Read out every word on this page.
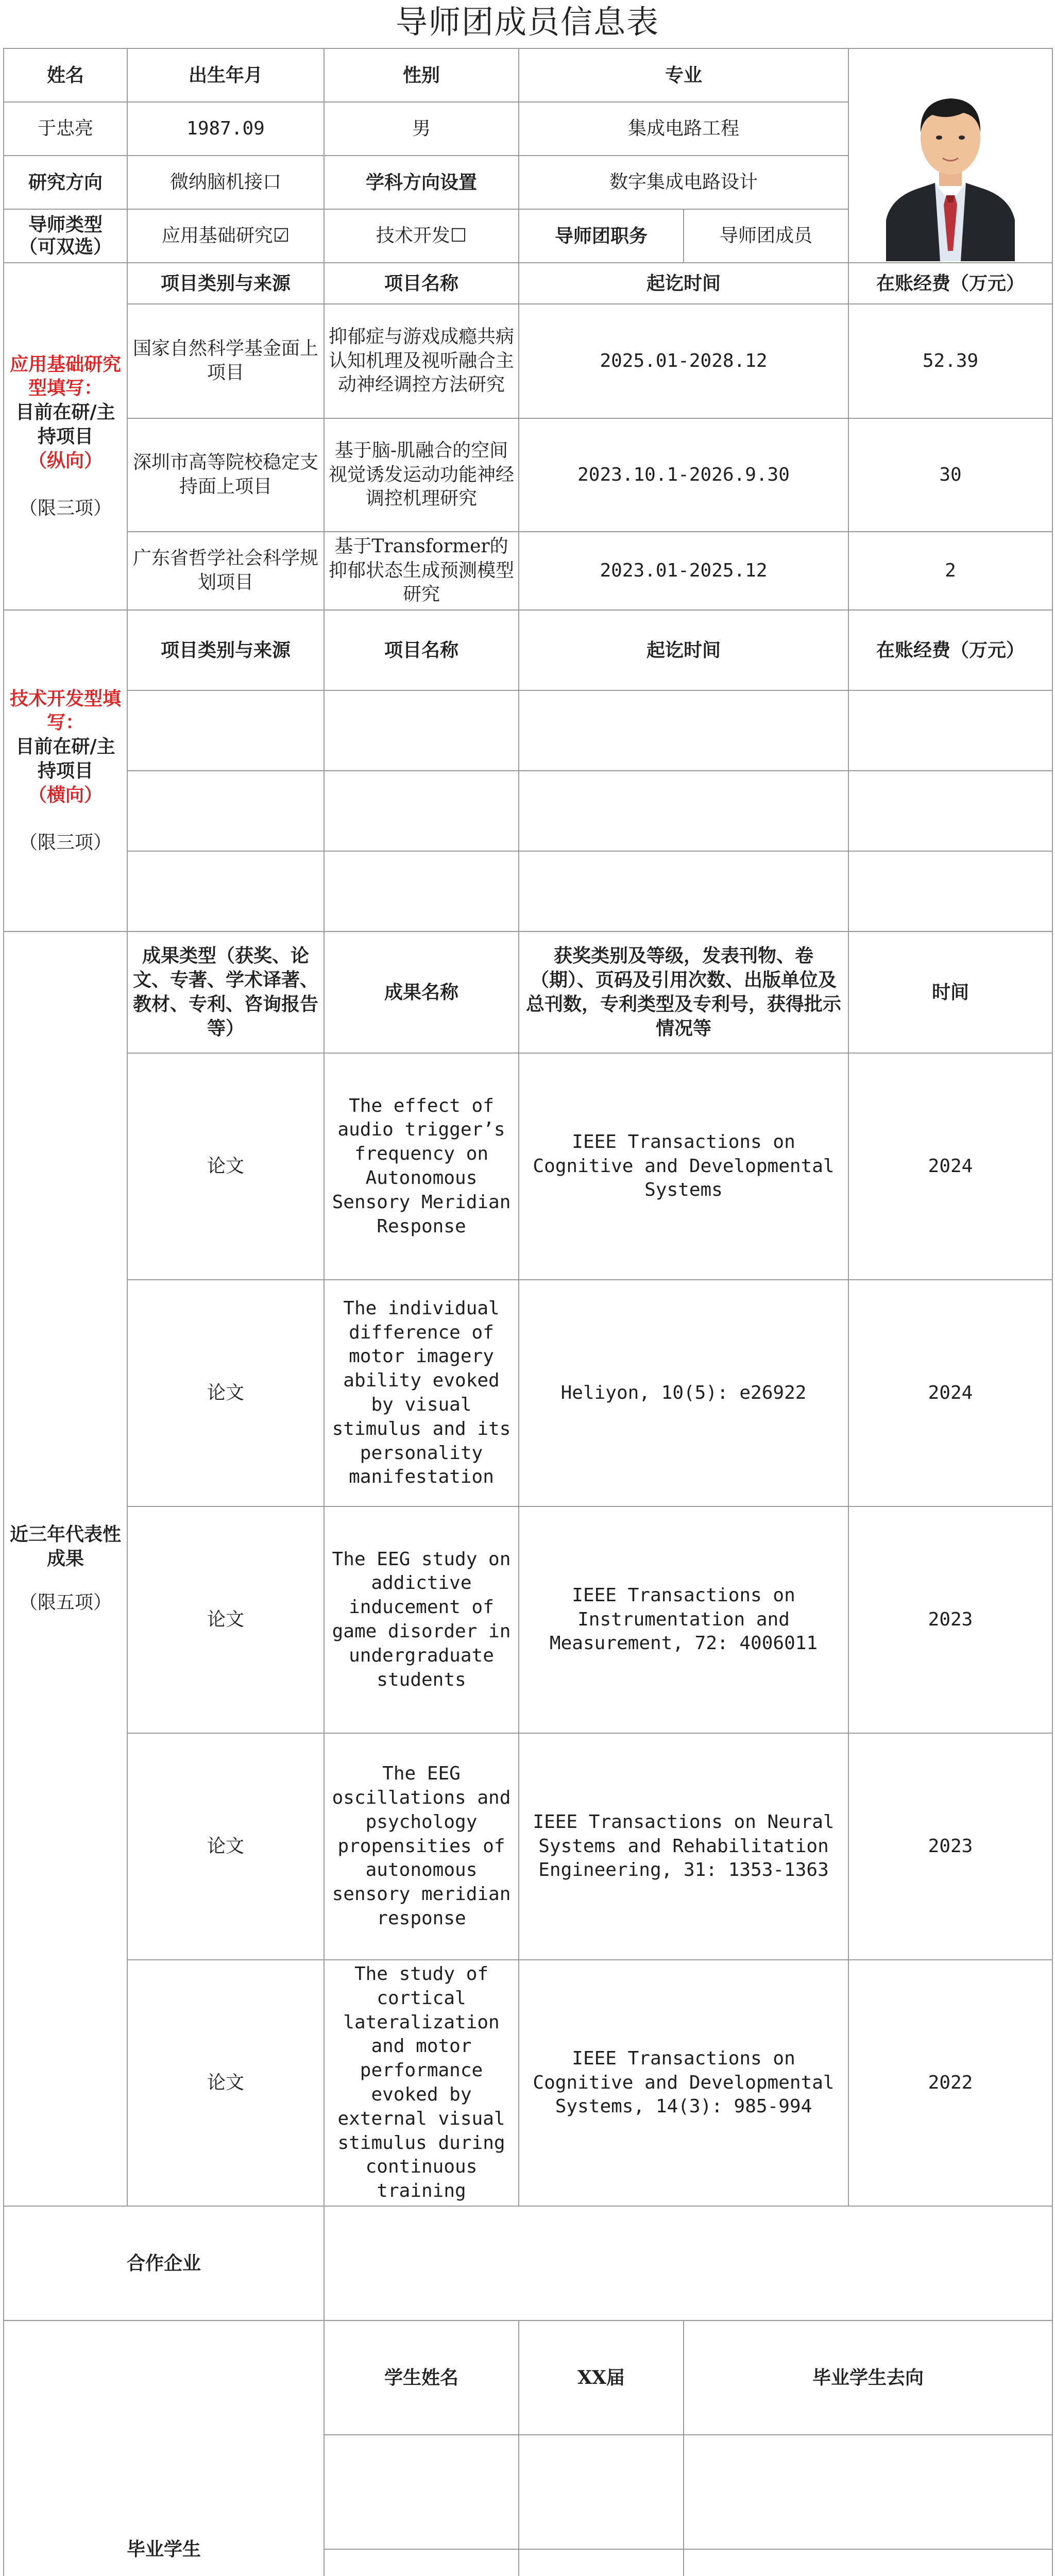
导师团成员信息表
姓名	出生年月	性别	专业	

于忠亮	1987.09	男	集成电路工程		
研究方向	微纳脑机接口	学科方向设置	数字集成电路设计		

导师类型
（可双选）	应用基础研究☑	技术开发☐	导师团职务	导师团成员	

应用基础研究型填写：
目前在研/主持项目
（纵向）
（限三项）	项目类别与来源	项目名称	起讫时间		在账经费（万元）
	国家自然科学基金面上项目	抑郁症与游戏成瘾共病认知机理及视听融合主动神经调控方法研究	2025.01-2028.12		52.39
	深圳市高等院校稳定支持面上项目	基于脑-肌融合的空间视觉诱发运动功能神经调控机理研究	2023.10.1-2026.9.30		30
	广东省哲学社会科学规划项目	基于Transformer的抑郁状态生成预测模型研究	2023.01-2025.12		2

技术开发型填写：
目前在研/主持项目
（横向）
（限三项）	项目类别与来源	项目名称	起讫时间		在账经费（万元）

近三年代表性成果
（限五项）	成果类型（获奖、论文、专著、学术译著、教材、专利、咨询报告等）	成果名称	获奖类别及等级，发表刊物、卷（期）、页码及引用次数、出版单位及总刊数，专利类型及专利号，获得批示情况等		时间
	论文	The effect of audio trigger’s frequency on Autonomous Sensory Meridian Response	IEEE Transactions on Cognitive and Developmental Systems		2024
	论文	The individual difference of motor imagery ability evoked by visual stimulus and its personality manifestation	Heliyon, 10(5): e26922		2024
	论文	The EEG study on addictive inducement of game disorder in undergraduate students	IEEE Transactions on Instrumentation and Measurement, 72: 4006011		2023
	论文	The EEG oscillations and psychology propensities of autonomous sensory meridian response	IEEE Transactions on Neural Systems and Rehabilitation Engineering, 31: 1353-1363		2023
	论文	The study of cortical lateralization and motor performance evoked by external visual stimulus during continuous training	IEEE Transactions on Cognitive and Developmental Systems, 14(3): 985-994		2022
合作企业					
毕业学生		学生姓名	XX届	毕业学生去向	
